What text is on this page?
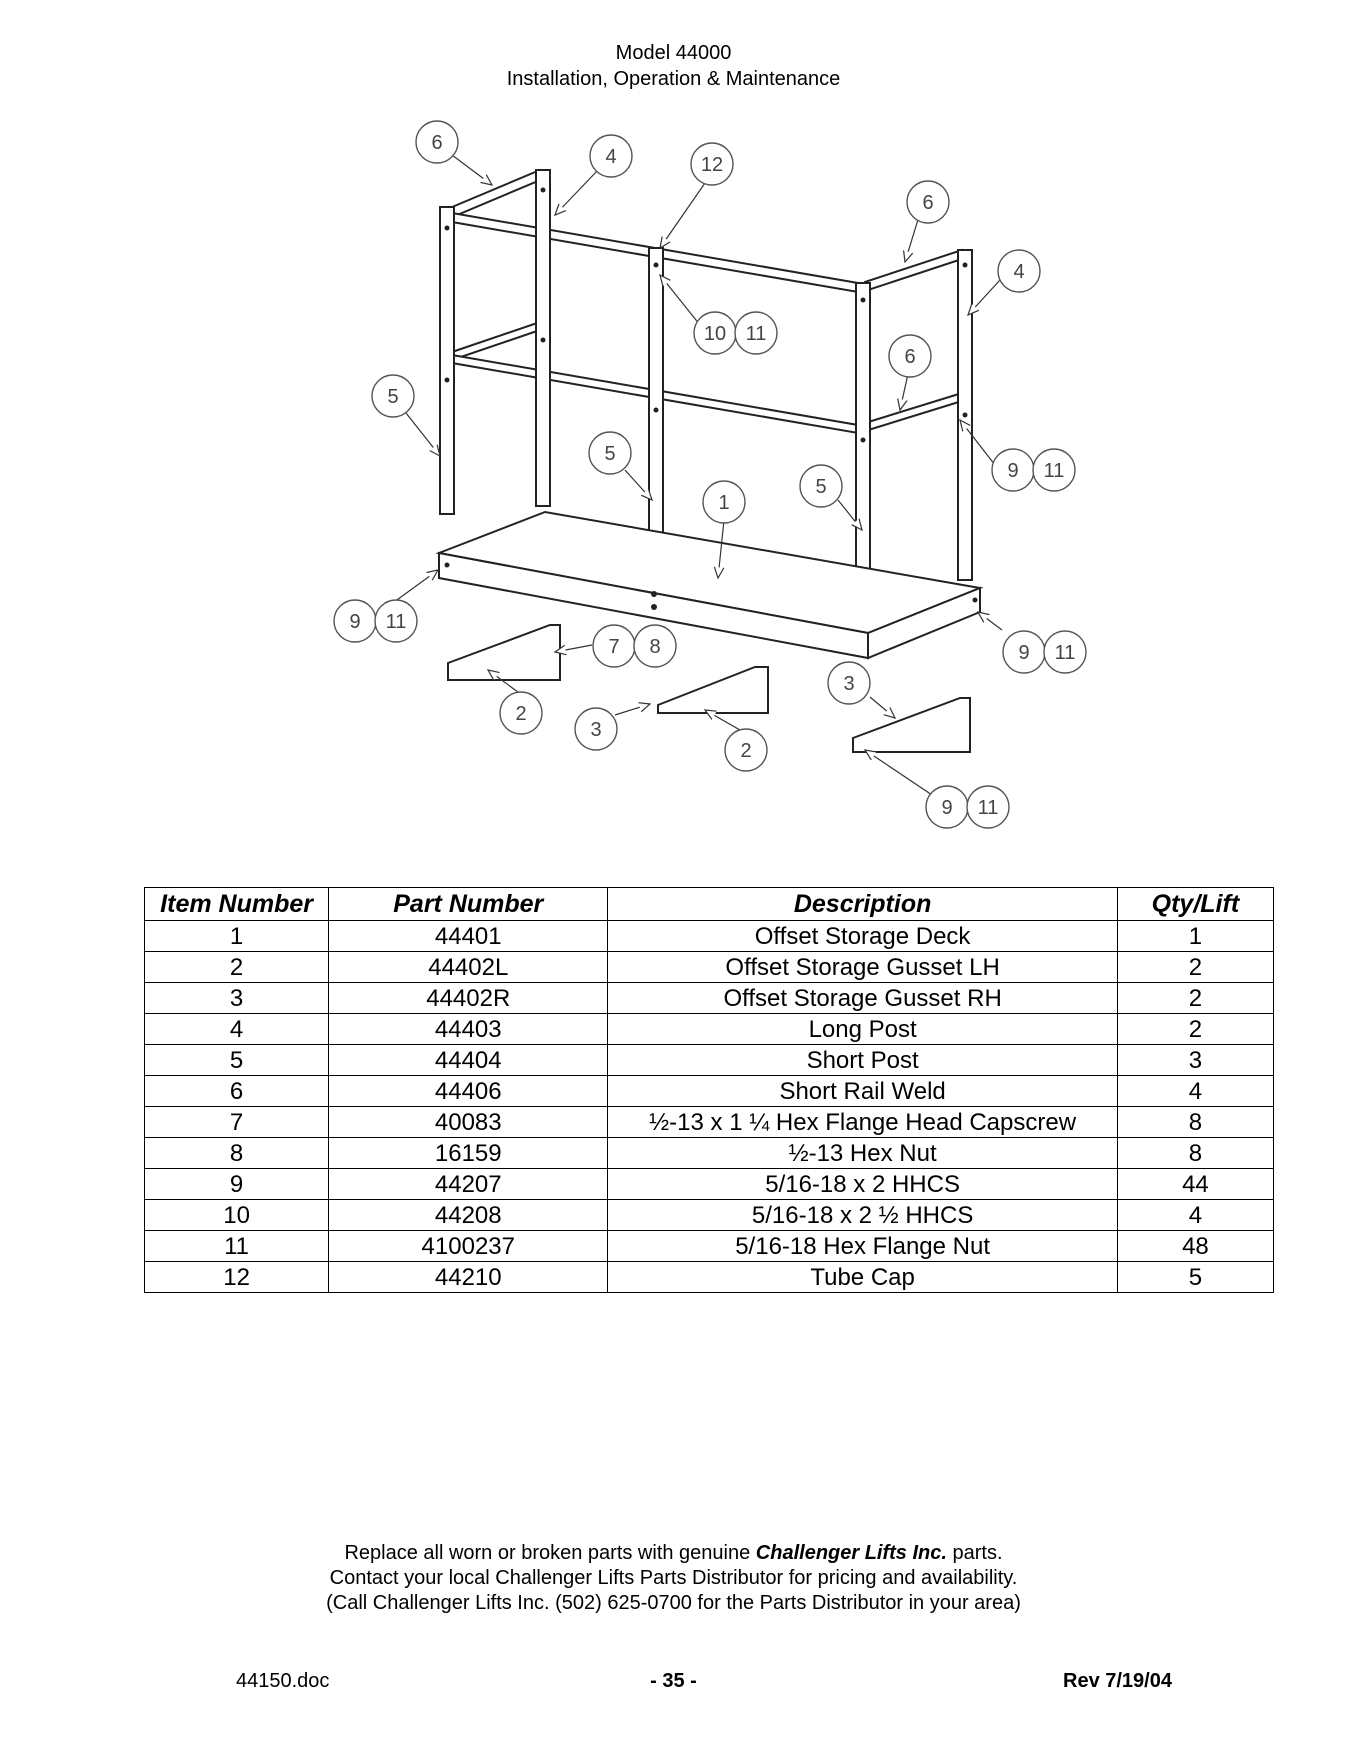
Model 44000
Installation, Operation & Maintenance
6
4	12
6
4
10 11
6
5
9 11
5
1
5
9 11
7 8	9 11
2
3
3
2
9 11
Item Number	Part Number	Description	Qty/Lift
1	44401	Offset Storage Deck	1
2	44402L	Offset Storage Gusset LH	2
3	44402R	Offset Storage Gusset RH	2
4	44403	Long Post	2
5	44404	Short Post	3
6	44406	Short Rail Weld	4
7	40083	½-13 x 1 ¼ Hex Flange Head Capscrew	8
8	16159	½-13 Hex Nut	8
9	44207	5/16-18 x 2 HHCS	44
10	44208	5/16-18 x 2 ½ HHCS	4
11	4100237	5/16-18 Hex Flange Nut	48
12	44210	Tube Cap	5
Replace all worn or broken parts with genuine Challenger Lifts Inc. parts.
Contact your local Challenger Lifts Parts Distributor for pricing and availability.
(Call Challenger Lifts Inc. (502) 625-0700 for the Parts Distributor in your area)
44150.doc	- 35 -	Rev 7/19/04
